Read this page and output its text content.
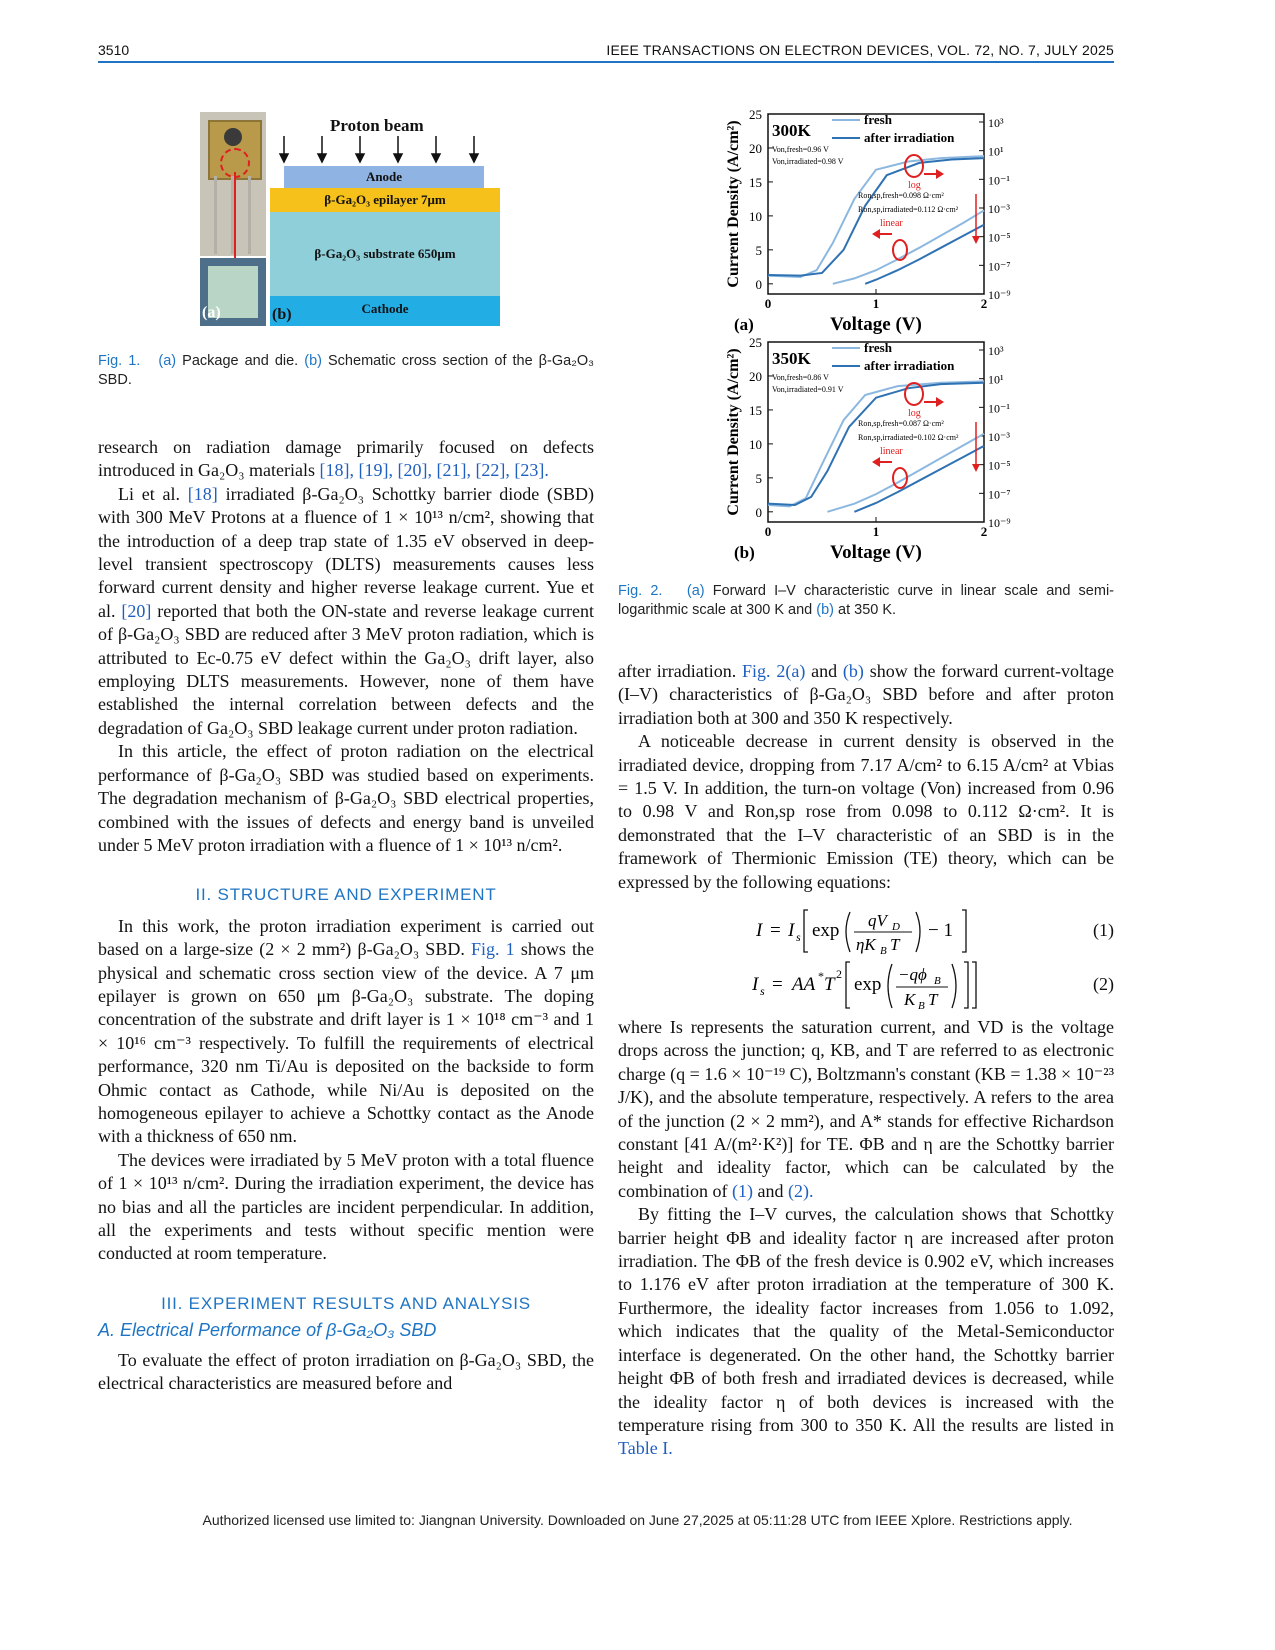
3510	IEEE TRANSACTIONS ON ELECTRON DEVICES, VOL. 72, NO. 7, JULY 2025
(a)
Proton beam
Anode
β-Ga₂O₃ epilayer 7μm
β-Ga₂O₃ substrate 650μm
Cathode
(b)
Fig. 1. (a) Package and die. (b) Schematic cross section of the β-Ga₂O₃ SBD.
0
5
10
15
20
25
0	1	2
10³
10¹
10⁻¹
10⁻³
10⁻⁵
10⁻⁷
10⁻⁹
Voltage (V)
Current Density (A/cm²)
(a)
300K
fresh
after irradiation
Von,fresh=0.96 V
Von,irradiated=0.98 V
Ron,sp,fresh=0.098 Ω·cm²
Ron,sp,irradiated=0.112 Ω·cm²
log
linear
0
5
10
15
20
25
0	1	2
10³
10¹
10⁻¹
10⁻³
10⁻⁵
10⁻⁷
10⁻⁹
Voltage (V)
Current Density (A/cm²)
(b)
350K
fresh
after irradiation
Von,fresh=0.86 V
Von,irradiated=0.91 V
Ron,sp,fresh=0.087 Ω·cm²
Ron,sp,irradiated=0.102 Ω·cm²
log
linear
Fig. 2. (a) Forward I–V characteristic curve in linear scale and semi-logarithmic scale at 300 K and (b) at 350 K.

research on radiation damage primarily focused on defects introduced in Ga₂O₃ materials [18], [19], [20], [21], [22], [23].

Li et al. [18] irradiated β-Ga₂O₃ Schottky barrier diode (SBD) with 300 MeV Protons at a fluence of 1 × 10¹³ n/cm², showing that the introduction of a deep trap state of 1.35 eV observed in deep-level transient spectroscopy (DLTS) measurements causes less forward current density and higher reverse leakage current. Yue et al. [20] reported that both the ON-state and reverse leakage current of β-Ga₂O₃ SBD are reduced after 3 MeV proton radiation, which is attributed to Ec-0.75 eV defect within the Ga₂O₃ drift layer, also employing DLTS measurements. However, none of them have established the internal correlation between defects and the degradation of Ga₂O₃ SBD leakage current under proton radiation.

In this article, the effect of proton radiation on the electrical performance of β-Ga₂O₃ SBD was studied based on experiments. The degradation mechanism of β-Ga₂O₃ SBD electrical properties, combined with the issues of defects and energy band is unveiled under 5 MeV proton irradiation with a fluence of 1 × 10¹³ n/cm².

II. STRUCTURE AND EXPERIMENT

In this work, the proton irradiation experiment is carried out based on a large-size (2 × 2 mm²) β-Ga₂O₃ SBD. Fig. 1 shows the physical and schematic cross section view of the device. A 7 μm epilayer is grown on 650 μm β-Ga₂O₃ substrate. The doping concentration of the substrate and drift layer is 1 × 10¹⁸ cm⁻³ and 1 × 10¹⁶ cm⁻³ respectively. To fulfill the requirements of electrical performance, 320 nm Ti/Au is deposited on the backside to form Ohmic contact as Cathode, while Ni/Au is deposited on the homogeneous epilayer to achieve a Schottky contact as the Anode with a thickness of 650 nm.

The devices were irradiated by 5 MeV proton with a total fluence of 1 × 10¹³ n/cm². During the irradiation experiment, the device has no bias and all the particles are incident perpendicular. In addition, all the experiments and tests without specific mention were conducted at room temperature.

III. EXPERIMENT RESULTS AND ANALYSIS
A. Electrical Performance of β-Ga₂O₃ SBD

To evaluate the effect of proton irradiation on β-Ga₂O₃ SBD, the electrical characteristics are measured before and

after irradiation. Fig. 2(a) and (b) show the forward current-voltage (I–V) characteristics of β-Ga₂O₃ SBD before and after proton irradiation both at 300 and 350 K respectively.

A noticeable decrease in current density is observed in the irradiated device, dropping from 7.17 A/cm² to 6.15 A/cm² at Vbias = 1.5 V. In addition, the turn-on voltage (Von) increased from 0.96 to 0.98 V and Ron,sp rose from 0.098 to 0.112 Ω·cm². It is demonstrated that the I–V characteristic of an SBD is in the framework of Thermionic Emission (TE) theory, which can be expressed by the following equations:

I = I s exp qV D
ηK B T
− 1	(1)
I s = AA * T 2 exp −qϕ B
K B T
(2)

where Is represents the saturation current, and VD is the voltage drops across the junction; q, KB, and T are referred to as electronic charge (q = 1.6 × 10⁻¹⁹ C), Boltzmann's constant (KB = 1.38 × 10⁻²³ J/K), and the absolute temperature, respectively. A refers to the area of the junction (2 × 2 mm²), and A* stands for effective Richardson constant [41 A/(m²·K²)] for TE. ΦB and η are the Schottky barrier height and ideality factor, which can be calculated by the combination of (1) and (2).

By fitting the I–V curves, the calculation shows that Schottky barrier height ΦB and ideality factor η are increased after proton irradiation. The ΦB of the fresh device is 0.902 eV, which increases to 1.176 eV after proton irradiation at the temperature of 300 K. Furthermore, the ideality factor increases from 1.056 to 1.092, which indicates that the quality of the Metal-Semiconductor interface is degenerated. On the other hand, the Schottky barrier height ΦB of both fresh and irradiated devices is decreased, while the ideality factor η of both devices is increased with the temperature rising from 300 to 350 K. All the results are listed in Table I.

Authorized licensed use limited to: Jiangnan University. Downloaded on June 27,2025 at 05:11:28 UTC from IEEE Xplore. Restrictions apply.
